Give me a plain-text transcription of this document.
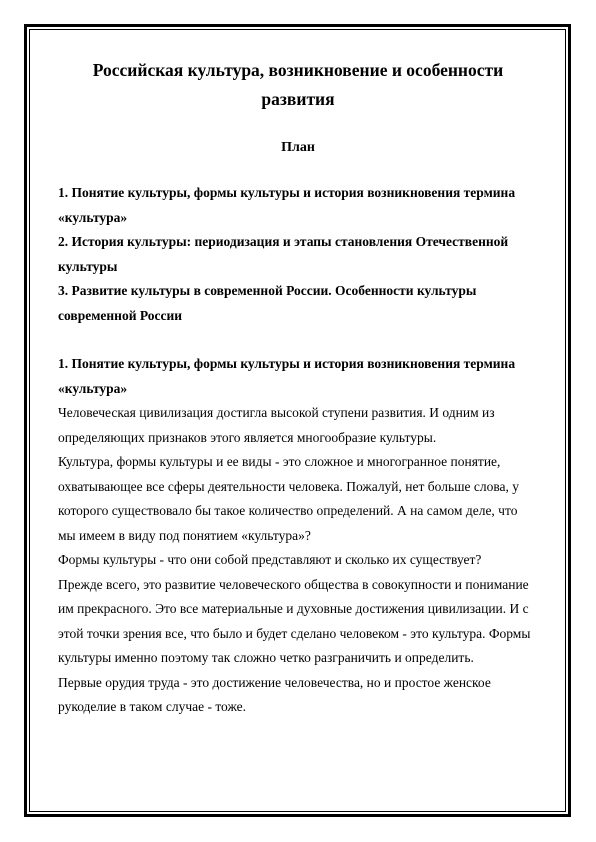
Российская культура, возникновение и особенности развития
План
1. Понятие культуры, формы культуры и история возникновения термина «культура»
2. История культуры: периодизация и этапы становления Отечественной культуры
3. Развитие культуры в современной России. Особенности культуры современной России
1. Понятие культуры, формы культуры и история возникновения термина «культура»

Человеческая цивилизация достигла высокой ступени развития. И одним из определяющих признаков этого является многообразие культуры.

Культура, формы культуры и ее виды - это сложное и многогранное понятие, охватывающее все сферы деятельности человека. Пожалуй, нет больше слова, у которого существовало бы такое количество определений. А на самом деле, что мы имеем в виду под понятием «культура»?

Формы культуры - что они собой представляют и сколько их существует?

Прежде всего, это развитие человеческого общества в совокупности и понимание им прекрасного. Это все материальные и духовные достижения цивилизации. И с этой точки зрения все, что было и будет сделано человеком - это культура. Формы культуры именно поэтому так сложно четко разграничить и определить.

Первые орудия труда - это достижение человечества, но и простое женское рукоделие в таком случае - тоже.
